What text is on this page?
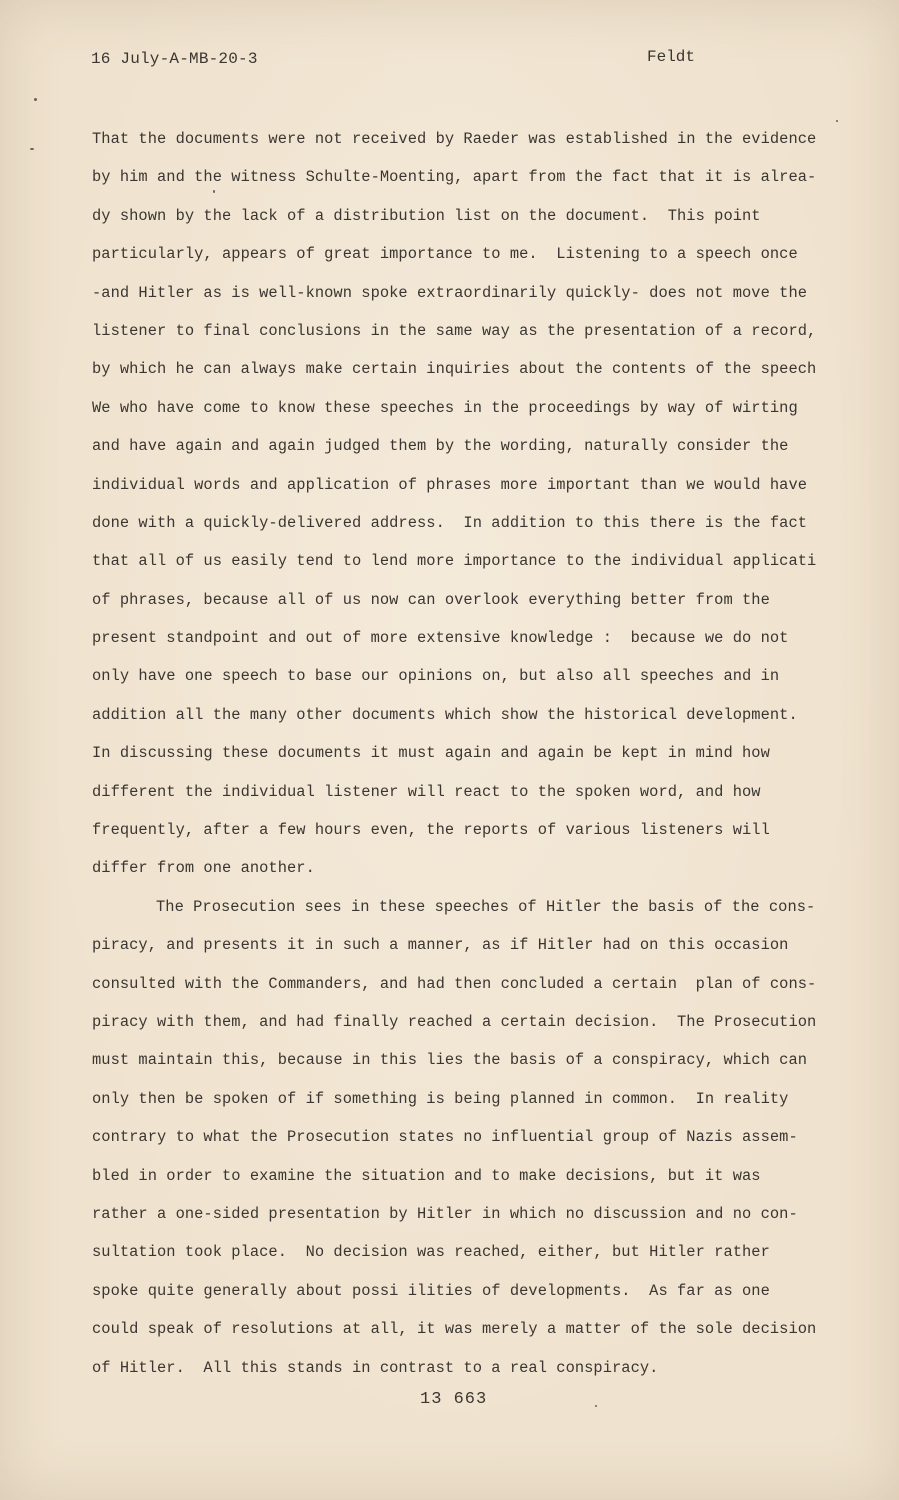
16 July-A-MB-20-3	Feldt
That the documents were not received by Raeder was established in the evidence
by him and the witness Schulte-Moenting, apart from the fact that it is alrea-
dy shown by the lack of a distribution list on the document.  This point
particularly, appears of great importance to me.  Listening to a speech once
-and Hitler as is well-known spoke extraordinarily quickly- does not move the
listener to final conclusions in the same way as the presentation of a record,
by which he can always make certain inquiries about the contents of the speech
We who have come to know these speeches in the proceedings by way of wirting
and have again and again judged them by the wording, naturally consider the
individual words and application of phrases more important than we would have
done with a quickly-delivered address.  In addition to this there is the fact
that all of us easily tend to lend more importance to the individual applicati
of phrases, because all of us now can overlook everything better from the
present standpoint and out of more extensive knowledge :  because we do not
only have one speech to base our opinions on, but also all speeches and in
addition all the many other documents which show the historical development.
In discussing these documents it must again and again be kept in mind how
different the individual listener will react to the spoken word, and how
frequently, after a few hours even, the reports of various listeners will
differ from one another.
The Prosecution sees in these speeches of Hitler the basis of the cons-
piracy, and presents it in such a manner, as if Hitler had on this occasion
consulted with the Commanders, and had then concluded a certain  plan of cons-
piracy with them, and had finally reached a certain decision.  The Prosecution
must maintain this, because in this lies the basis of a conspiracy, which can
only then be spoken of if something is being planned in common.  In reality
contrary to what the Prosecution states no influential group of Nazis assem-
bled in order to examine the situation and to make decisions, but it was
rather a one-sided presentation by Hitler in which no discussion and no con-
sultation took place.  No decision was reached, either, but Hitler rather
spoke quite generally about possi ilities of developments.  As far as one
could speak of resolutions at all, it was merely a matter of the sole decision
of Hitler.  All this stands in contrast to a real conspiracy.
13 663
